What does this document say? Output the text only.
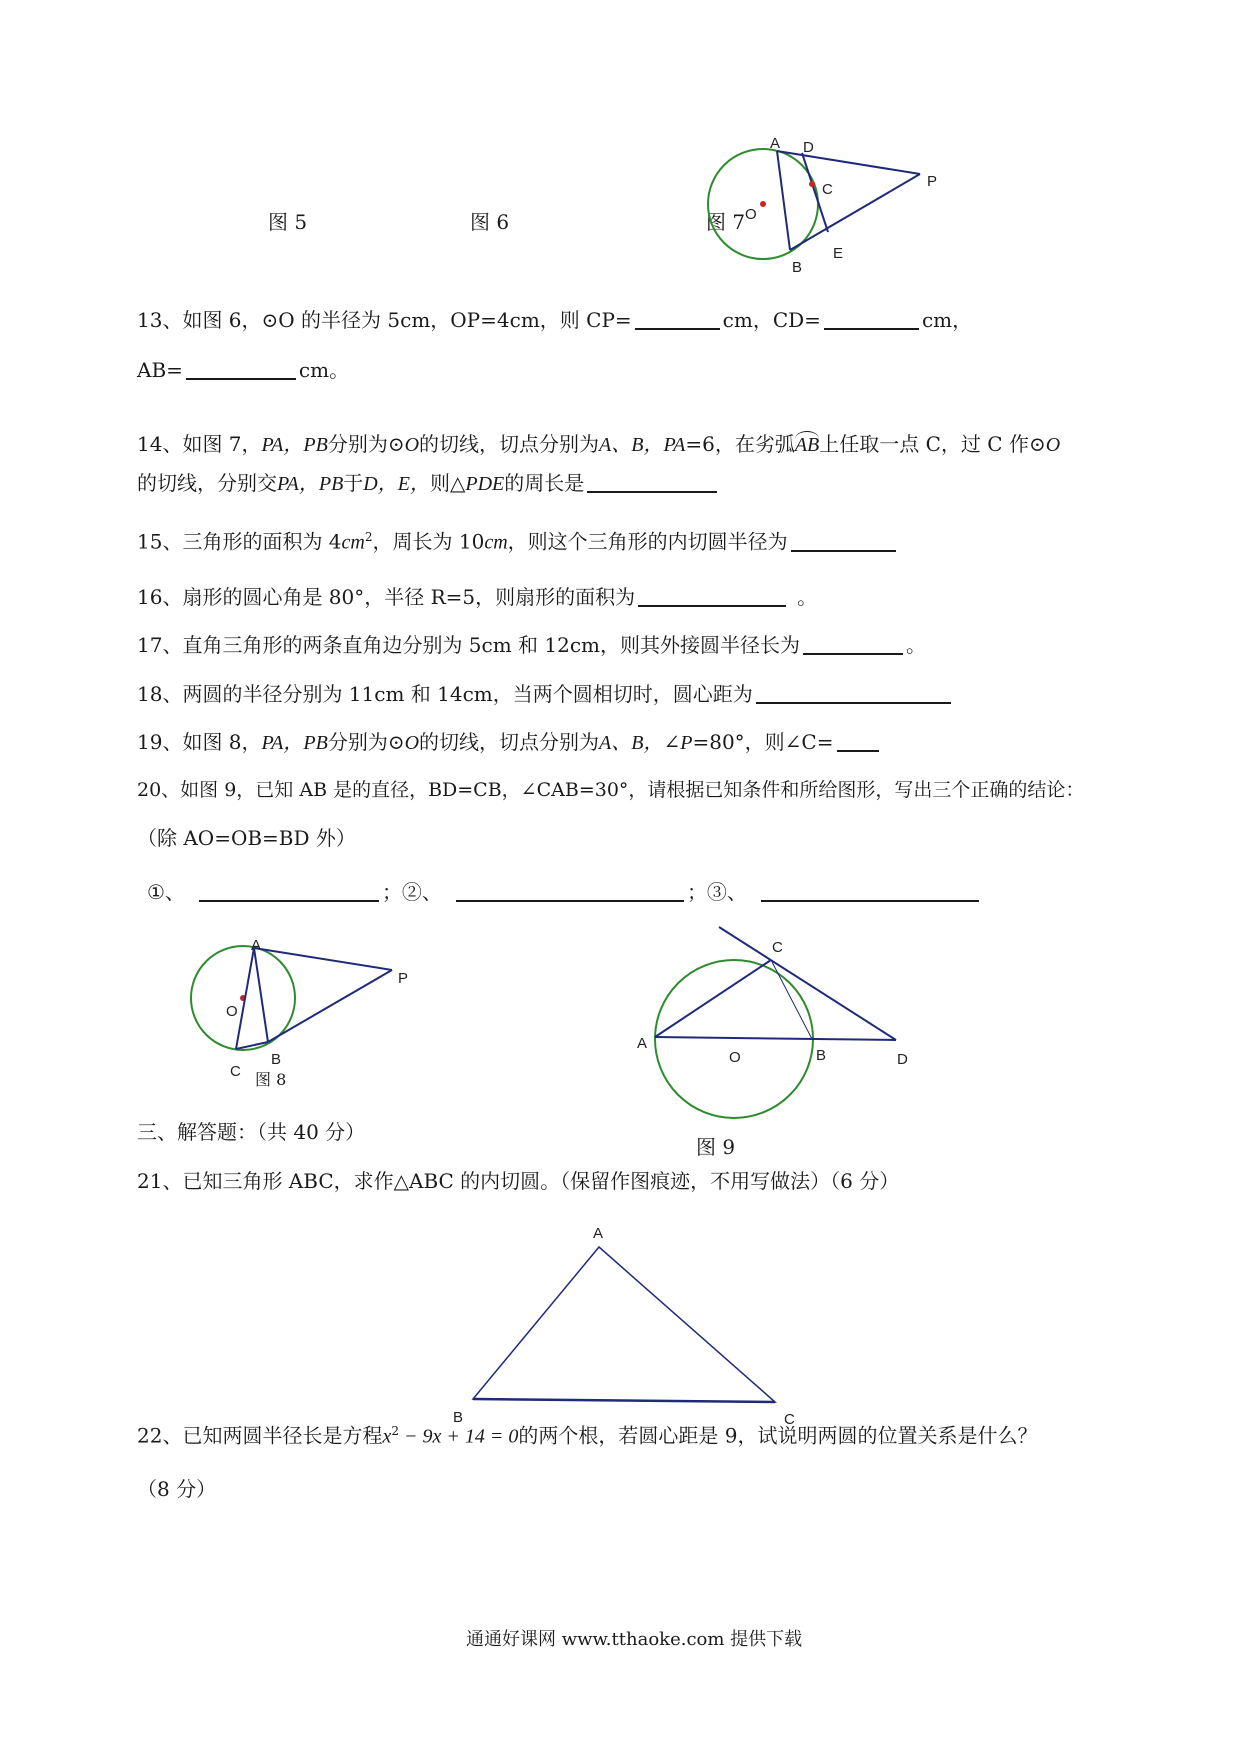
图 5	图 6	图 7
A D
C	P
O
B
E
13、如图 6，⊙O 的半径为 5cm，OP=4cm，则 CP=	cm，CD=	cm，
AB=	cm。
14、如图 7，PA，PB分别为⊙O的切线，切点分别为A、B，PA=6，在劣弧AB上任取一点 C，过 C 作⊙O
的切线，分别交PA，PB于D，E，则△PDE的周长是
15、三角形的面积为 $4cm^2$，周长为 10cm，则这个三角形的内切圆半径为
16、扇形的圆心角是 80°，半径 R=5，则扇形的面积为	。
17、直角三角形的两条直角边分别为 5cm 和 12cm，则其外接圆半径长为	。
18、两圆的半径分别为 11cm 和 14cm，当两个圆相切时，圆心距为
19、如图 8，PA，PB分别为⊙O的切线，切点分别为A、B，∠P=80°，则∠C=
20、如图 9，已知 AB 是的直径，BD=CB，∠CAB=30°，请根据已知条件和所给图形，写出三个正确的结论：
（除 AO=OB=BD 外）
①、	；②、	；③、
A
P
O
B
C 图 8
C
A
O	B	D
图 9
三、解答题：（共 40 分）
21、已知三角形 ABC，求作△ABC 的内切圆。（保留作图痕迹，不用写做法）（6 分）
A
B	C
22、已知两圆半径长是方程$x^2 - 9x + 14 = 0$的两个根，若圆心距是 9，试说明两圆的位置关系是什么？
（8 分）
通通好课网 www.tthaoke.com 提供下载
